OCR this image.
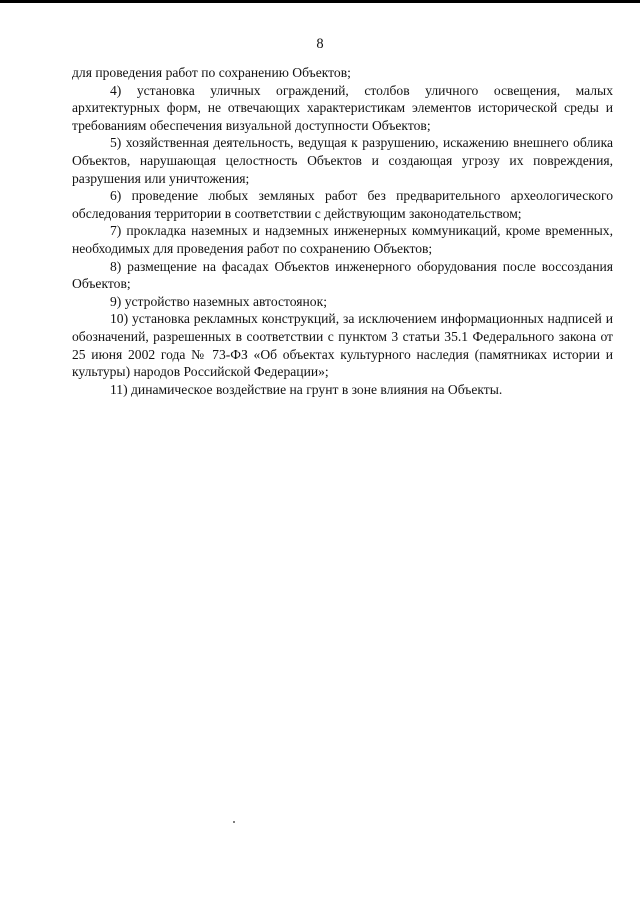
8

для проведения работ по сохранению Объектов;

4) установка уличных ограждений, столбов уличного освещения, малых архитектурных форм, не отвечающих характеристикам элементов исторической среды и требованиям обеспечения визуальной доступности Объектов;

5) хозяйственная деятельность, ведущая к разрушению, искажению внешнего облика Объектов, нарушающая целостность Объектов и создающая угрозу их повреждения, разрушения или уничтожения;

6) проведение любых земляных работ без предварительного археологического обследования территории в соответствии с действующим законодательством;

7) прокладка наземных и надземных инженерных коммуникаций, кроме временных, необходимых для проведения работ по сохранению Объектов;

8) размещение на фасадах Объектов инженерного оборудования после воссоздания Объектов;

9) устройство наземных автостоянок;

10) установка рекламных конструкций, за исключением информационных надписей и обозначений, разрешенных в соответствии с пунктом 3 статьи 35.1 Федерального закона от 25 июня 2002 года № 73-ФЗ «Об объектах культурного наследия (памятниках истории и культуры) народов Российской Федерации»;

11) динамическое воздействие на грунт в зоне влияния на Объекты.
